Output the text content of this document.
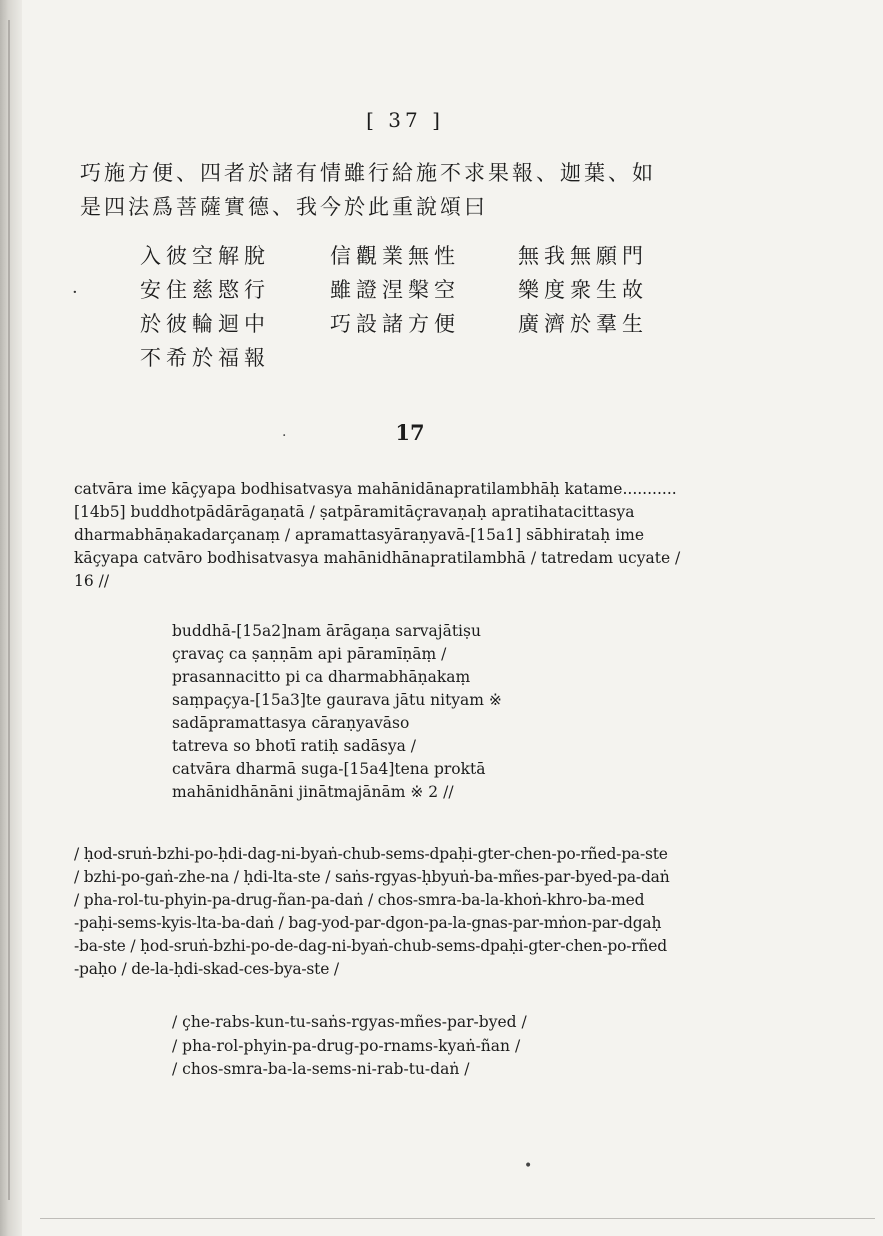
[ 37 ]
巧施方便、四者於諸有情雖行給施不求果報、迦葉、如
是四法爲菩薩實德、我今於此重說頌曰
·
入彼空解脫	信觀業無性	無我無願門
安住慈愍行	雖證涅槃空	樂度衆生故
於彼輪迴中	巧設諸方便	廣濟於羣生
不希於福報
·	17
catvāra ime kāçyapa bodhisatvasya mahānidānapratilambhāḥ katame...........
[14b5] buddhotpādārāgaṇatā / ṣatpāramitāçravaṇaḥ apratihatacittasya
dharmabhāṇakadarçanaṃ / apramattasyāraṇyavā-[15a1] sābhirataḥ ime
kāçyapa catvāro bodhisatvasya mahānidhānapratilambhā / tatredam ucyate /
16 //
buddhā-[15a2]nam ārāgaṇa sarvajātiṣu
çravaç ca ṣaṇṇām api pāramīṇāṃ /
prasannacitto pi ca dharmabhāṇakaṃ
saṃpaçya-[15a3]te gaurava jātu nityam ※
sadāpramattasya cāraṇyavāso
tatreva so bhotī ratiḥ sadāsya /
catvāra dharmā suga-[15a4]tena proktā
mahānidhānāni jinātmajānām ※ 2 //
/ ḥod-sruṅ-bzhi-po-ḥdi-dag-ni-byaṅ-chub-sems-dpaḥi-gter-chen-po-rñed-pa-ste
/ bzhi-po-gaṅ-zhe-na / ḥdi-lta-ste / saṅs-rgyas-ḥbyuṅ-ba-mñes-par-byed-pa-daṅ
/ pha-rol-tu-phyin-pa-drug-ñan-pa-daṅ / chos-smra-ba-la-khoṅ-khro-ba-med
-paḥi-sems-kyis-lta-ba-daṅ / bag-yod-par-dgon-pa-la-gnas-par-mṅon-par-dgaḥ
-ba-ste / ḥod-sruṅ-bzhi-po-de-dag-ni-byaṅ-chub-sems-dpaḥi-gter-chen-po-rñed
-paḥo / de-la-ḥdi-skad-ces-bya-ste /
/ çhe-rabs-kun-tu-saṅs-rgyas-mñes-par-byed /
/ pha-rol-phyin-pa-drug-po-rnams-kyaṅ-ñan /
/ chos-smra-ba-la-sems-ni-rab-tu-daṅ /
•
